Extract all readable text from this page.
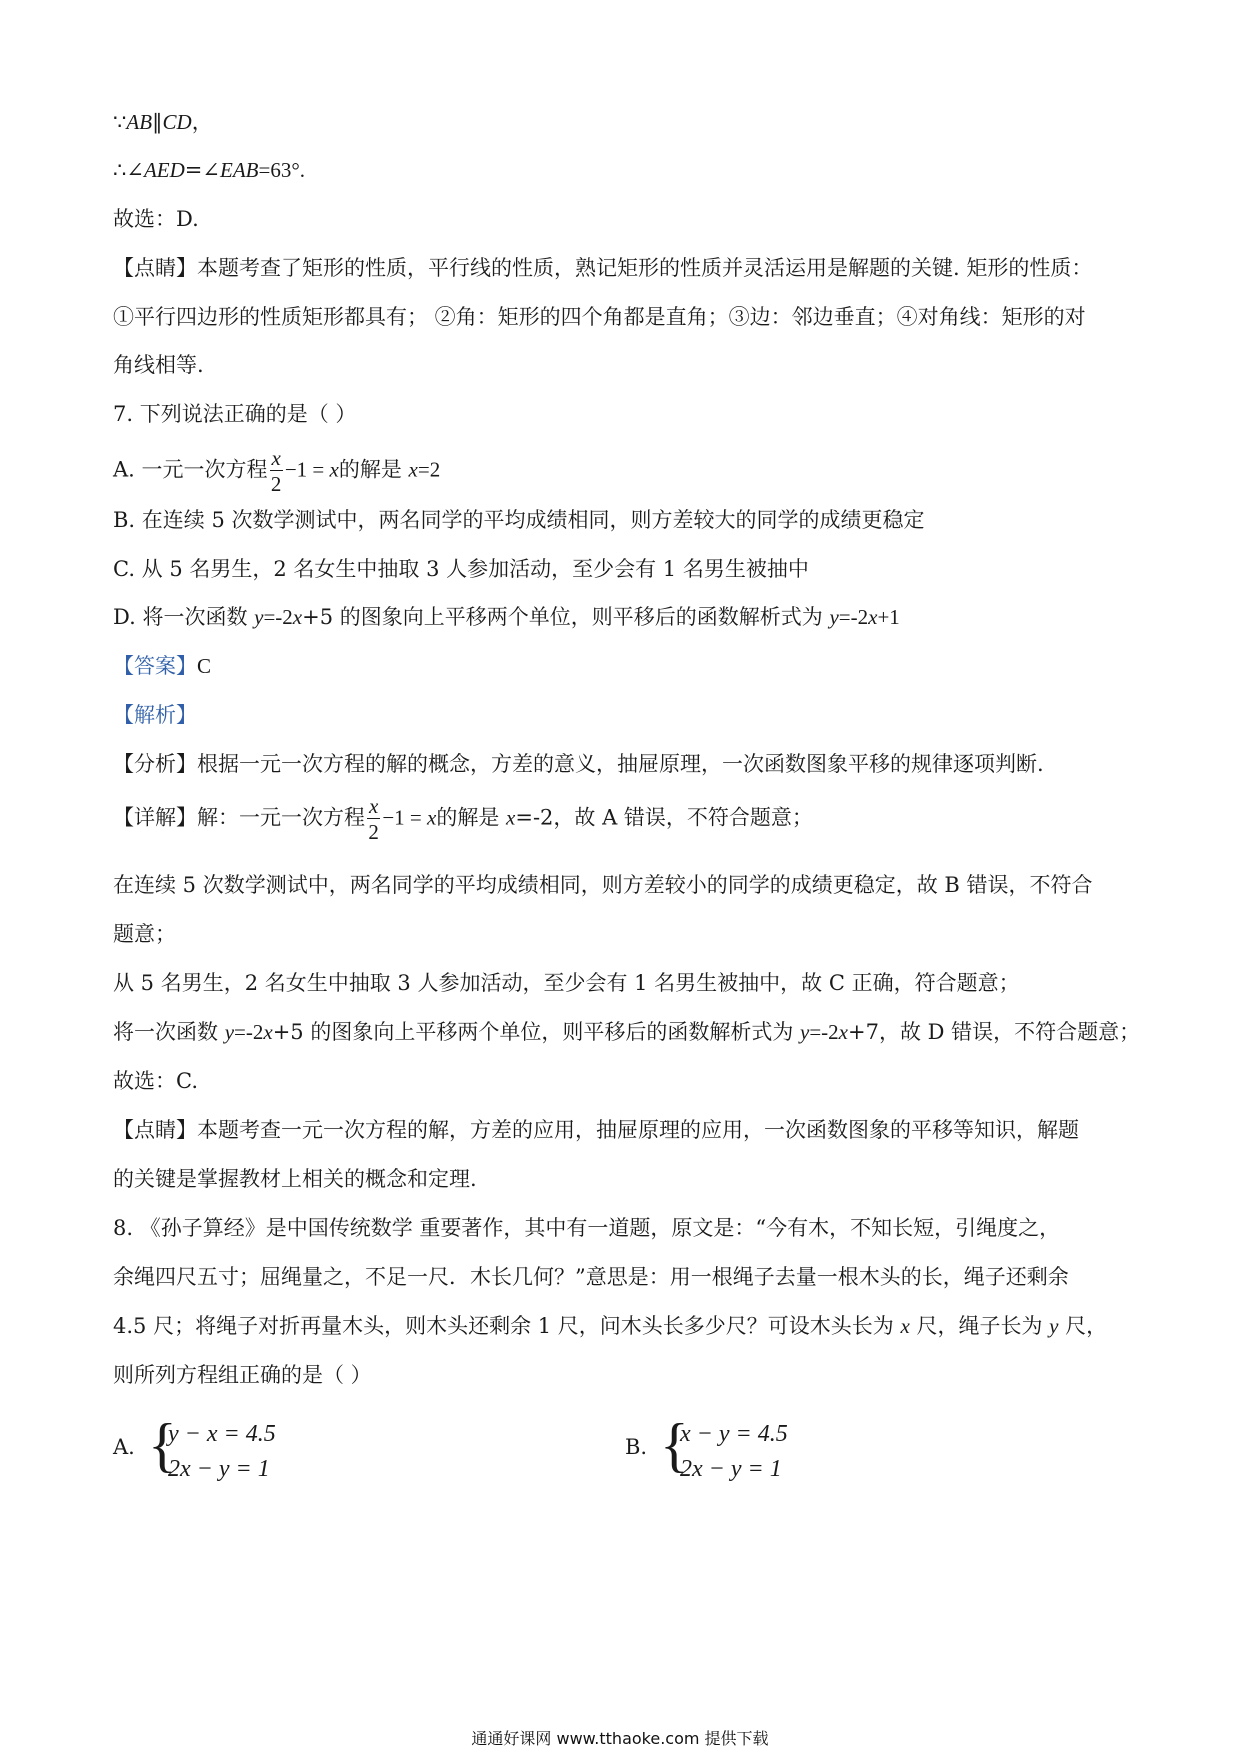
∵AB∥CD，
∴∠AED=∠EAB=63°.
故选：D.
【点睛】本题考查了矩形的性质，平行线的性质，熟记矩形的性质并灵活运用是解题的关键. 矩形的性质：
①平行四边形的性质矩形都具有； ②角：矩形的四个角都是直角；③边：邻边垂直；④对角线：矩形的对
角线相等.
7. 下列说法正确的是（ ）
A. 一元一次方程 $\frac{x}{2} -1 = x$的解是 x=2
B. 在连续 5 次数学测试中，两名同学的平均成绩相同，则方差较大的同学的成绩更稳定
C. 从 5 名男生，2 名女生中抽取 3 人参加活动，至少会有 1 名男生被抽中
D. 将一次函数 y=-2x+5 的图象向上平移两个单位，则平移后的函数解析式为 y=-2x+1
【答案】C
【解析】
【分析】根据一元一次方程的解的概念，方差的意义，抽屉原理，一次函数图象平移的规律逐项判断.
【详解】解：一元一次方程 $\frac{x}{2} -1 = x$的解是 x=-2，故 A 错误，不符合题意；
在连续 5 次数学测试中，两名同学的平均成绩相同，则方差较小的同学的成绩更稳定，故 B 错误，不符合
题意；
从 5 名男生，2 名女生中抽取 3 人参加活动，至少会有 1 名男生被抽中，故 C 正确，符合题意；
将一次函数 y=-2x+5 的图象向上平移两个单位，则平移后的函数解析式为 y=-2x+7，故 D 错误，不符合题意；
故选：C.
【点睛】本题考查一元一次方程的解，方差的应用，抽屉原理的应用，一次函数图象的平移等知识，解题
的关键是掌握教材上相关的概念和定理.
8. 《孙子算经》是中国传统数学 重要著作，其中有一道题，原文是：“今有木，不知长短，引绳度之，
余绳四尺五寸；屈绳量之，不足一尺．木长几何？”意思是：用一根绳子去量一根木头的长，绳子还剩余
4.5 尺；将绳子对折再量木头，则木头还剩余 1 尺，问木头长多少尺？可设木头长为 x 尺，绳子长为 y 尺，
则所列方程组正确的是（ ）
A. {
y − x = 4.5
2x − y = 1
B. {
x − y = 4.5
2x − y = 1
通通好课网 www.tthaoke.com 提供下载
